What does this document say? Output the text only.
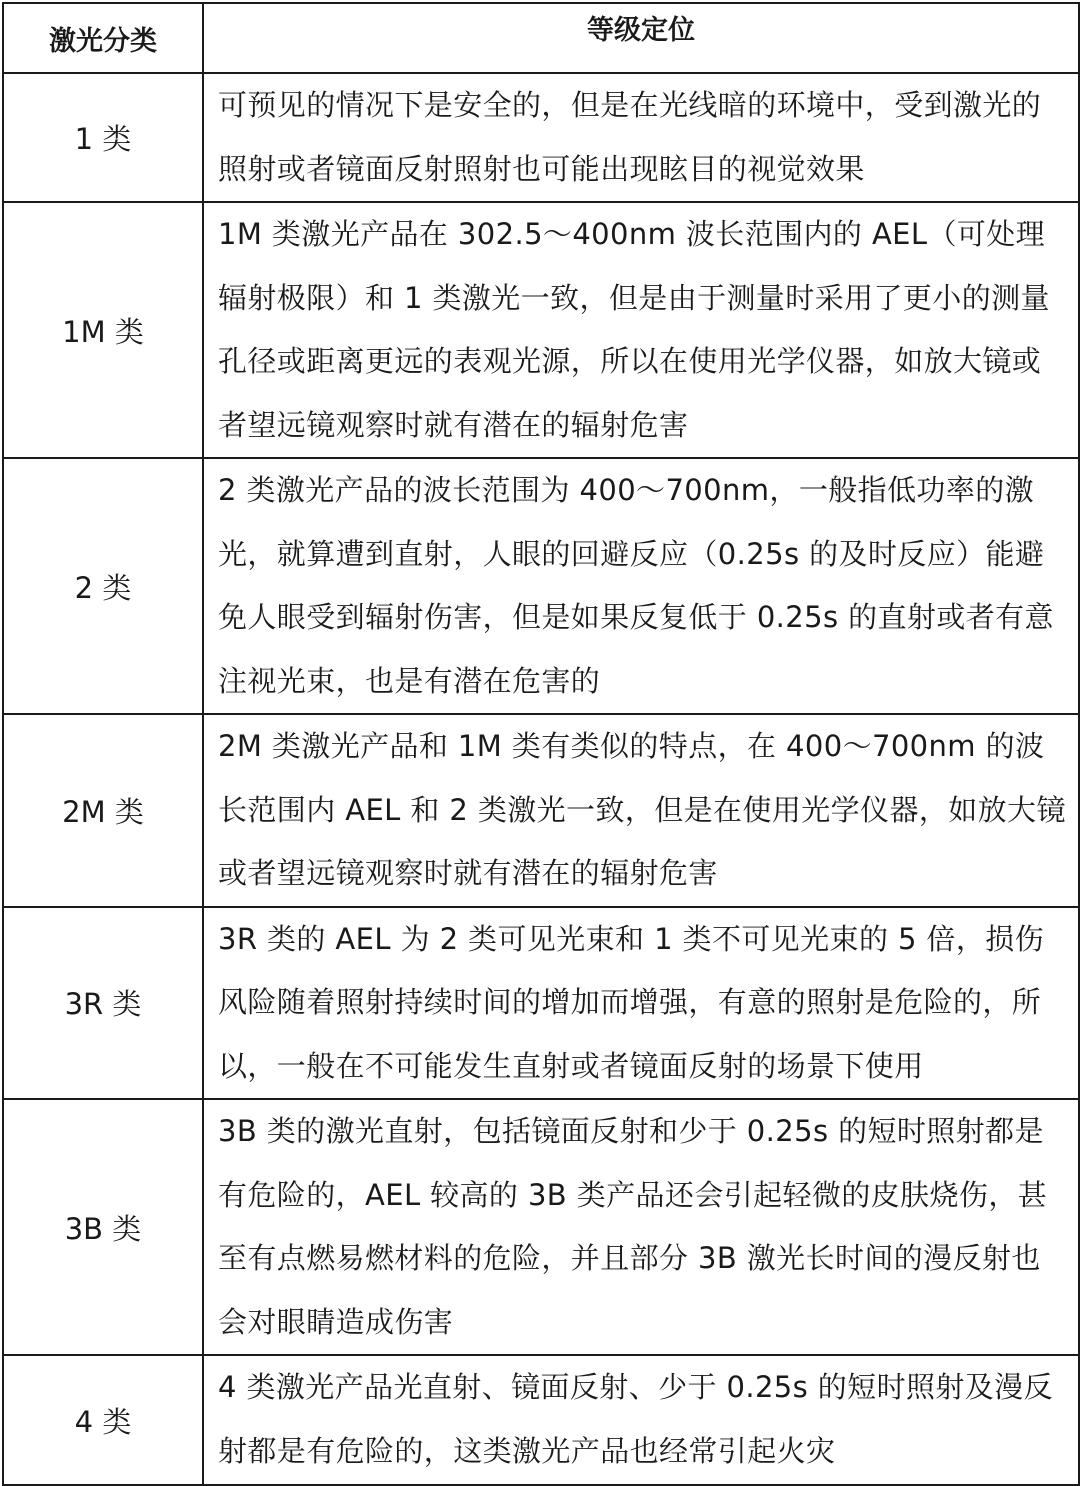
激光分类	等级定位
1 类	可预见的情况下是安全的，但是在光线暗的环境中，受到激光的照射或者镜面反射照射也可能出现眩目的视觉效果
1M 类	1M 类激光产品在 302.5～400nm 波长范围内的 AEL（可处理辐射极限）和 1 类激光一致，但是由于测量时采用了更小的测量孔径或距离更远的表观光源，所以在使用光学仪器，如放大镜或者望远镜观察时就有潜在的辐射危害
2 类	2 类激光产品的波长范围为 400～700nm，一般指低功率的激光，就算遭到直射，人眼的回避反应（0.25s 的及时反应）能避免人眼受到辐射伤害，但是如果反复低于 0.25s 的直射或者有意注视光束，也是有潜在危害的
2M 类	2M 类激光产品和 1M 类有类似的特点，在 400～700nm 的波长范围内 AEL 和 2 类激光一致，但是在使用光学仪器，如放大镜或者望远镜观察时就有潜在的辐射危害
3R 类	3R 类的 AEL 为 2 类可见光束和 1 类不可见光束的 5 倍，损伤风险随着照射持续时间的增加而增强，有意的照射是危险的，所以，一般在不可能发生直射或者镜面反射的场景下使用
3B 类	3B 类的激光直射，包括镜面反射和少于 0.25s 的短时照射都是有危险的，AEL 较高的 3B 类产品还会引起轻微的皮肤烧伤，甚至有点燃易燃材料的危险，并且部分 3B 激光长时间的漫反射也会对眼睛造成伤害
4 类	4 类激光产品光直射、镜面反射、少于 0.25s 的短时照射及漫反射都是有危险的，这类激光产品也经常引起火灾
